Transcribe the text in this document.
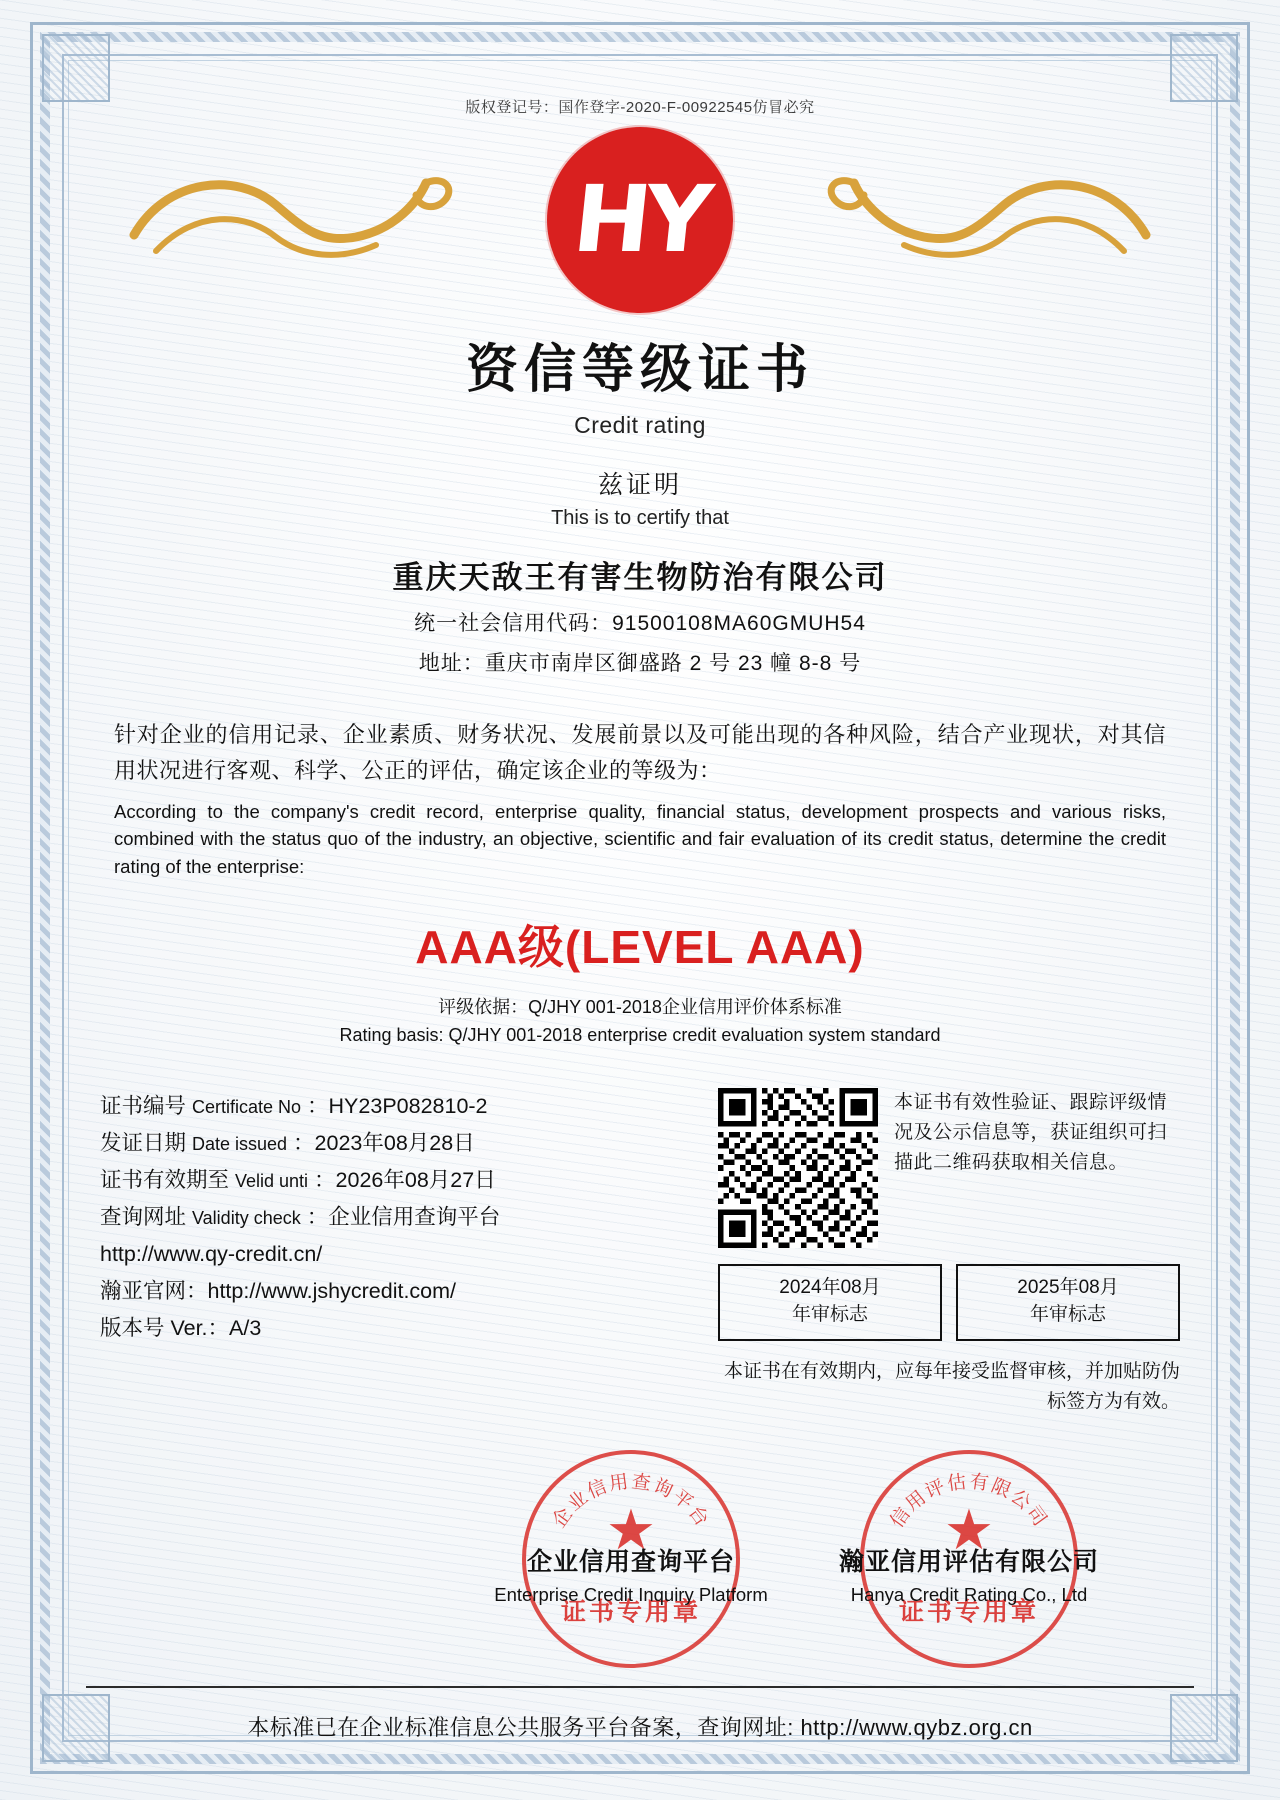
版权登记号：国作登字-2020-F-00922545仿冒必究
HY
资信等级证书
Credit rating
兹证明
This is to certify that
重庆天敌王有害生物防治有限公司
统一社会信用代码：91500108MA60GMUH54
地址：重庆市南岸区御盛路 2 号 23 幢 8-8 号
针对企业的信用记录、企业素质、财务状况、发展前景以及可能出现的各种风险，结合产业现状，对其信用状况进行客观、科学、公正的评估，确定该企业的等级为：
According to the company's credit record, enterprise quality, financial status, development prospects and various risks, combined with the status quo of the industry, an objective, scientific and fair evaluation of its credit status, determine the credit rating of the enterprise:
AAA级(LEVEL AAA)
评级依据：Q/JHY 001-2018企业信用评价体系标准
Rating basis: Q/JHY 001-2018 enterprise credit evaluation system standard
证书编号 Certificate No ：HY23P082810-2
发证日期 Date issued ：2023年08月28日
证书有效期至 Velid unti ：2026年08月27日
查询网址 Validity check ：企业信用查询平台
http://www.qy-credit.cn/
瀚亚官网：http://www.jshycredit.com/
版本号 Ver.：A/3
本证书有效性验证、跟踪评级情况及公示信息等，获证组织可扫描此二维码获取相关信息。
2024年08月
年审标志
2025年08月
年审标志
本证书在有效期内，应每年接受监督审核，并加贴防伪标签方为有效。
企业信用查询平台
★
证书专用章
企业信用查询平台
Enterprise Credit Inquiry Platform
信用评估有限公司
★
证书专用章
瀚亚信用评估有限公司
Hanya Credit Rating Co., Ltd
本标准已在企业标准信息公共服务平台备案，查询网址: http://www.qybz.org.cn
